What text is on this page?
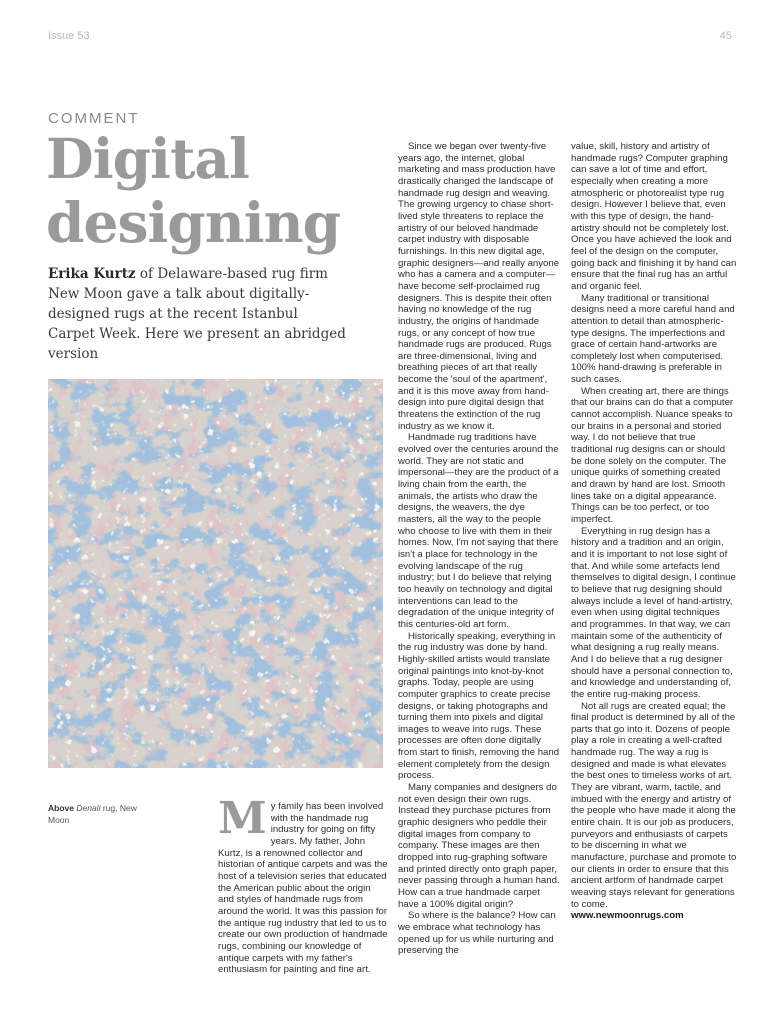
Issue 53	45
COMMENT
Digital
designing
Erika Kurtz of Delaware-based rug firm New Moon gave a talk about digitally-designed rugs at the recent Istanbul Carpet Week. Here we present an abridged version
Above Denali rug, New Moon	M y family has been involved with the handmade rug industry for going on fifty years. My father, John Kurtz, is a renowned collector and historian of antique carpets and was the host of a television series that educated the American public about the origin and styles of handmade rugs from around the world. It was this passion for the antique rug industry that led to us to create our own production of handmade rugs, combining our knowledge of antique carpets with my father's enthusiasm for painting and fine art.

Since we began over twenty-five years ago, the internet, global marketing and mass production have drastically changed the landscape of handmade rug design and weaving. The growing urgency to chase short-lived style threatens to replace the artistry of our beloved handmade carpet industry with disposable furnishings. In this new digital age, graphic designers—and really anyone who has a camera and a computer—have become self-proclaimed rug designers. This is despite their often having no knowledge of the rug industry, the origins of handmade rugs, or any concept of how true handmade rugs are produced. Rugs are three-dimensional, living and breathing pieces of art that really become the 'soul of the apartment', and it is this move away from hand-design into pure digital design that threatens the extinction of the rug industry as we know it.

Handmade rug traditions have evolved over the centuries around the world. They are not static and impersonal—they are the product of a living chain from the earth, the animals, the artists who draw the designs, the weavers, the dye masters, all the way to the people who choose to live with them in their homes. Now, I'm not saying that there isn't a place for technology in the evolving landscape of the rug industry; but I do believe that relying too heavily on technology and digital interventions can lead to the degradation of the unique integrity of this centuries-old art form.

Historically speaking, everything in the rug industry was done by hand. Highly-skilled artists would translate original paintings into knot-by-knot graphs. Today, people are using computer graphics to create precise designs, or taking photographs and turning them into pixels and digital images to weave into rugs. These processes are often done digitally from start to finish, removing the hand element completely from the design process.

Many companies and designers do not even design their own rugs. Instead they purchase pictures from graphic designers who peddle their digital images from company to company. These images are then dropped into rug-graphing software and printed directly onto graph paper, never passing through a human hand. How can a true handmade carpet have a 100% digital origin?

So where is the balance? How can we embrace what technology has opened up for us while nurturing and preserving the

value, skill, history and artistry of handmade rugs? Computer graphing can save a lot of time and effort, especially when creating a more atmospheric or photorealist type rug design. However I believe that, even with this type of design, the hand-artistry should not be completely lost. Once you have achieved the look and feel of the design on the computer, going back and finishing it by hand can ensure that the final rug has an artful and organic feel.

Many traditional or transitional designs need a more careful hand and attention to detail than atmospheric-type designs. The imperfections and grace of certain hand-artworks are completely lost when computerised. 100% hand-drawing is preferable in such cases.

When creating art, there are things that our brains can do that a computer cannot accomplish. Nuance speaks to our brains in a personal and storied way. I do not believe that true traditional rug designs can or should be done solely on the computer. The unique quirks of something created and drawn by hand are lost. Smooth lines take on a digital appearance. Things can be too perfect, or too imperfect.

Everything in rug design has a history and a tradition and an origin, and it is important to not lose sight of that. And while some artefacts lend themselves to digital design, I continue to believe that rug designing should always include a level of hand-artistry, even when using digital techniques and programmes. In that way, we can maintain some of the authenticity of what designing a rug really means. And I do believe that a rug designer should have a personal connection to, and knowledge and understanding of, the entire rug-making process.

Not all rugs are created equal; the final product is determined by all of the parts that go into it. Dozens of people play a role in creating a well-crafted handmade rug. The way a rug is designed and made is what elevates the best ones to timeless works of art. They are vibrant, warm, tactile, and imbued with the energy and artistry of the people who have made it along the entire chain. It is our job as producers, purveyors and enthusiasts of carpets to be discerning in what we manufacture, purchase and promote to our clients in order to ensure that this ancient artform of handmade carpet weaving stays relevant for generations to come.

www.newmoonrugs.com
